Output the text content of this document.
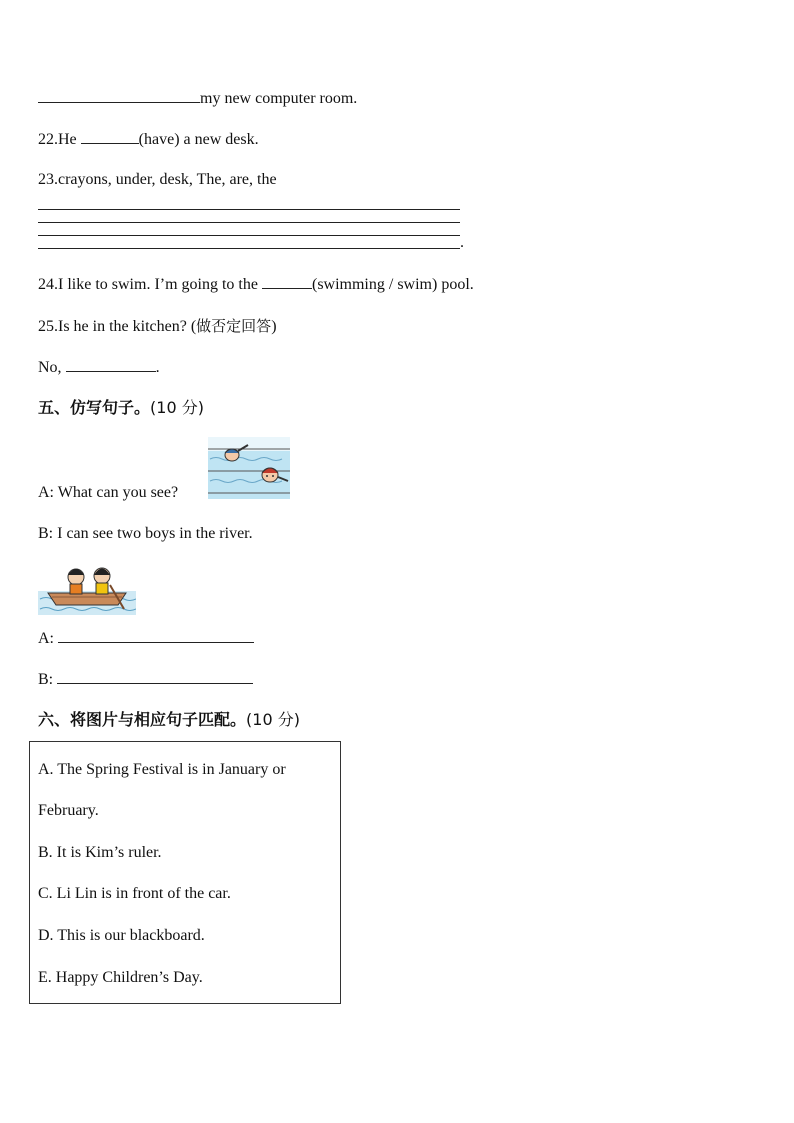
my new computer room.
22.He	(have) a new desk.
23.crayons, under, desk, The, are, the
.
24.I like to swim. I’m going to the	(swimming / swim) pool.
25.Is he in the kitchen? (做否定回答)
No,	.
五、仿写句子。(10 分)
A: What can you see?
B: I can see two boys in the river.
A:
B:
六、将图片与相应句子匹配。(10 分)
A. The Spring Festival is in January or
February.
B. It is Kim’s ruler.
C. Li Lin is in front of the car.
D. This is our blackboard.
E. Happy Children’s Day.
